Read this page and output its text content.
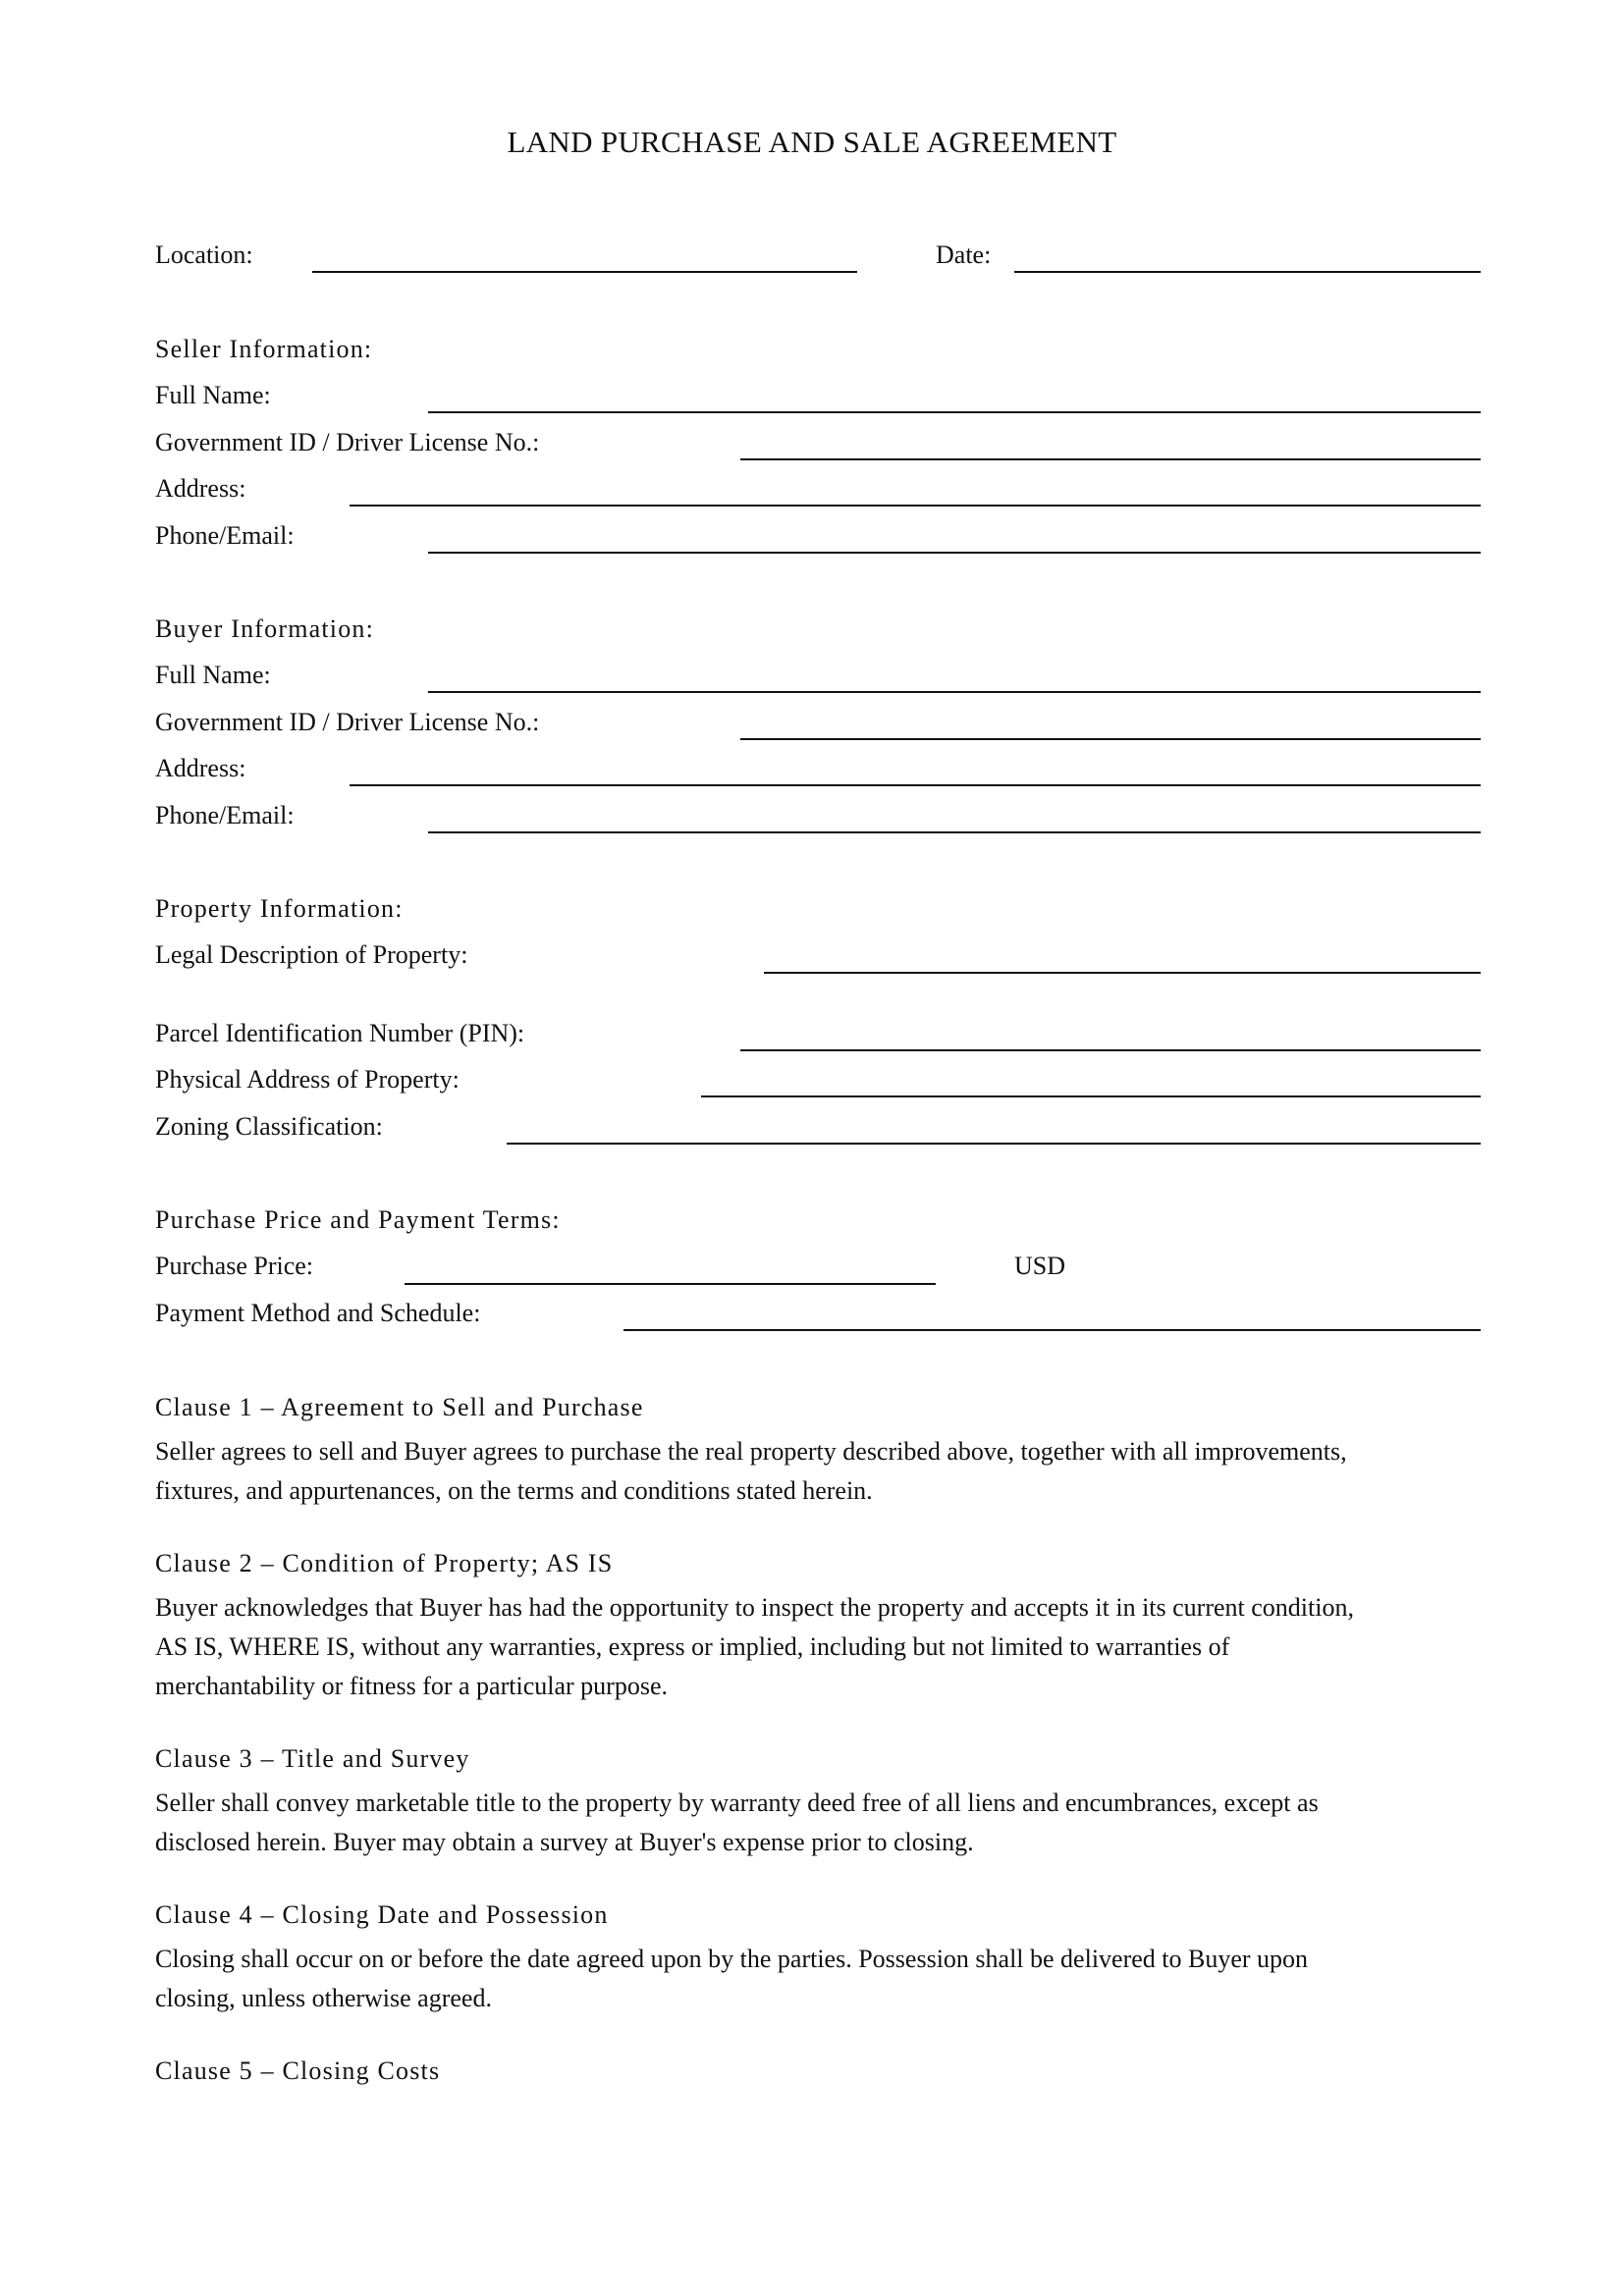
LAND PURCHASE AND SALE AGREEMENT
Location:	Date:
Seller Information:
Full Name:
Government ID / Driver License No.:
Address:
Phone/Email:
Buyer Information:
Full Name:
Government ID / Driver License No.:
Address:
Phone/Email:
Property Information:
Legal Description of Property:
Parcel Identification Number (PIN):
Physical Address of Property:
Zoning Classification:
Purchase Price and Payment Terms:
Purchase Price:	USD
Payment Method and Schedule:
Clause 1 – Agreement to Sell and Purchase
Seller agrees to sell and Buyer agrees to purchase the real property described above, together with all improvements,
fixtures, and appurtenances, on the terms and conditions stated herein.
Clause 2 – Condition of Property; AS IS
Buyer acknowledges that Buyer has had the opportunity to inspect the property and accepts it in its current condition,
AS IS, WHERE IS, without any warranties, express or implied, including but not limited to warranties of
merchantability or fitness for a particular purpose.
Clause 3 – Title and Survey
Seller shall convey marketable title to the property by warranty deed free of all liens and encumbrances, except as
disclosed herein. Buyer may obtain a survey at Buyer's expense prior to closing.
Clause 4 – Closing Date and Possession
Closing shall occur on or before the date agreed upon by the parties. Possession shall be delivered to Buyer upon
closing, unless otherwise agreed.
Clause 5 – Closing Costs
